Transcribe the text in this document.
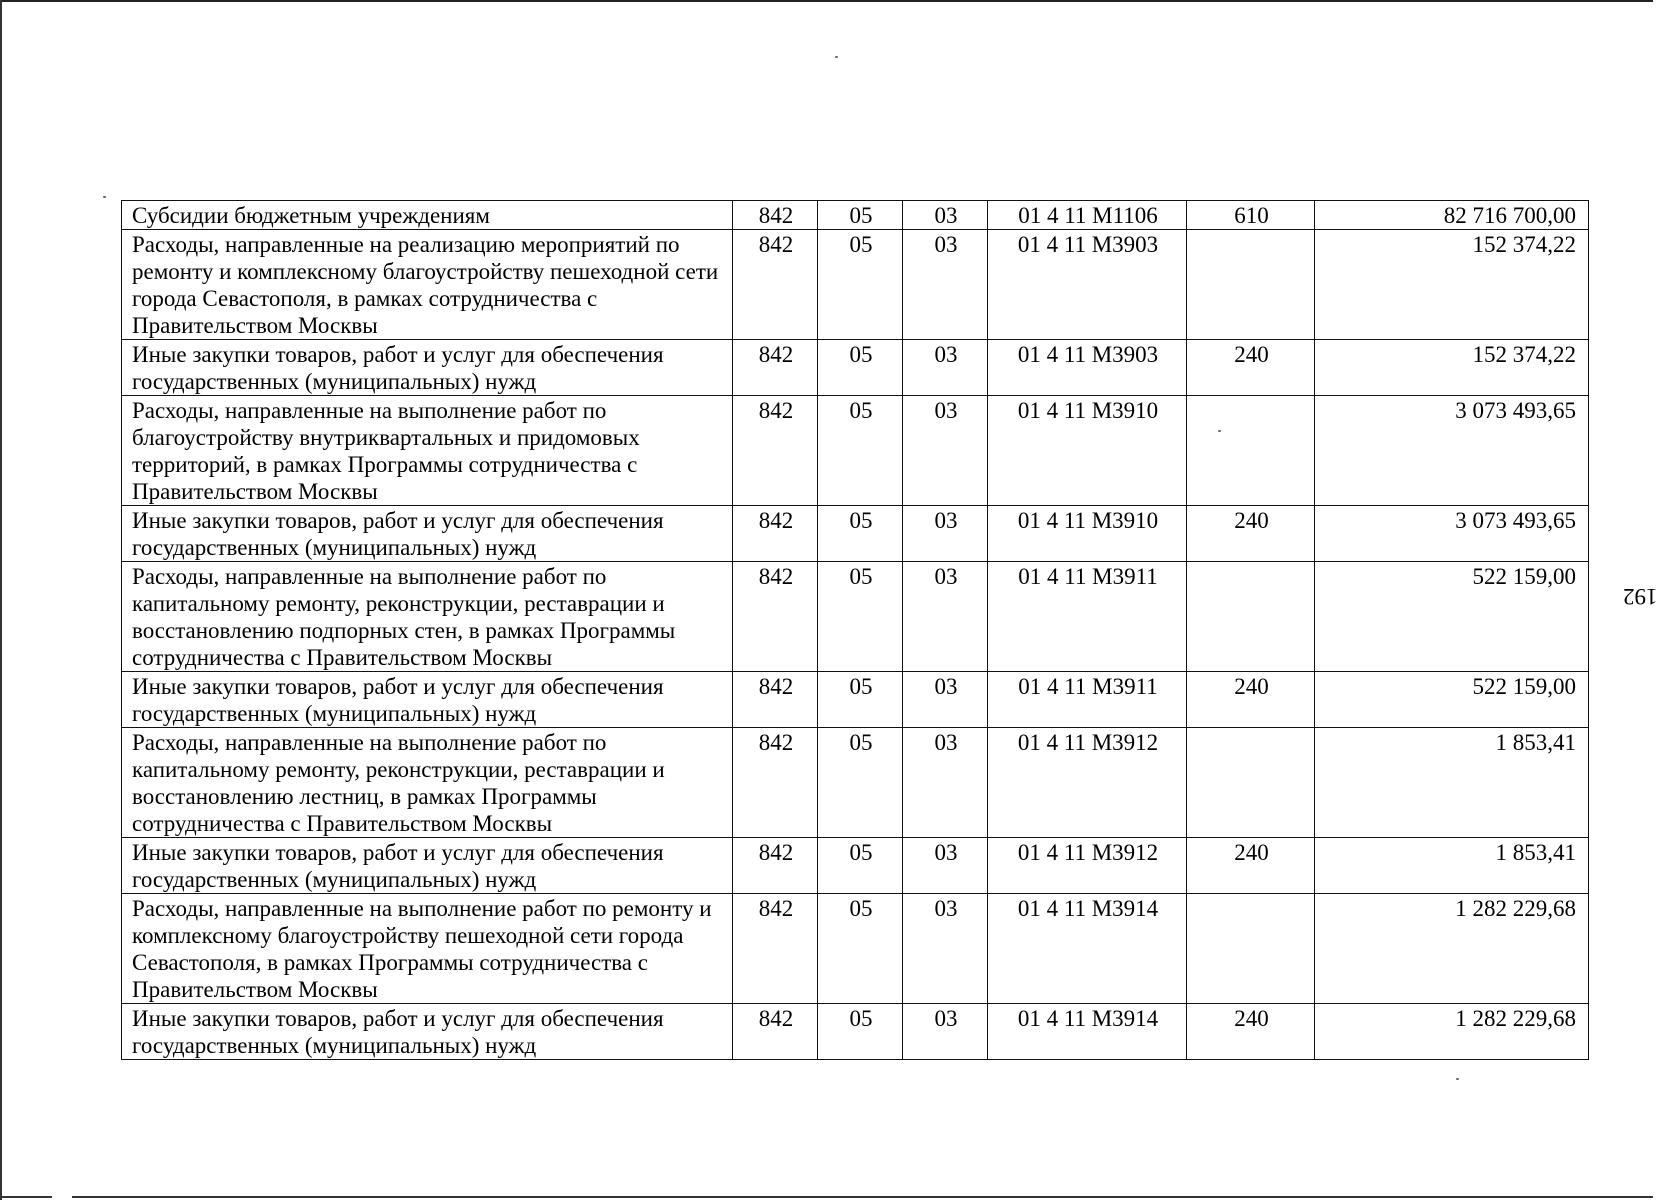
Субсидии бюджетным учреждениям	842	05	03	01 4 11 М1106	610	82 716 700,00
Расходы, направленные на реализацию мероприятий по ремонту и комплексному благоустройству пешеходной сети города Севастополя, в рамках сотрудничества с Правительством Москвы	842	05	03	01 4 11 М3903		152 374,22
Иные закупки товаров, работ и услуг для обеспечения государственных (муниципальных) нужд	842	05	03	01 4 11 М3903	240	152 374,22
Расходы, направленные на выполнение работ по благоустройству внутриквартальных и придомовых территорий, в рамках Программы сотрудничества с Правительством Москвы	842	05	03	01 4 11 М3910		3 073 493,65
Иные закупки товаров, работ и услуг для обеспечения государственных (муниципальных) нужд	842	05	03	01 4 11 М3910	240	3 073 493,65
Расходы, направленные на выполнение работ по капитальному ремонту, реконструкции, реставрации и восстановлению подпорных стен, в рамках Программы сотрудничества с Правительством Москвы	842	05	03	01 4 11 М3911		522 159,00
Иные закупки товаров, работ и услуг для обеспечения государственных (муниципальных) нужд	842	05	03	01 4 11 М3911	240	522 159,00
Расходы, направленные на выполнение работ по капитальному ремонту, реконструкции, реставрации и восстановлению лестниц, в рамках Программы сотрудничества с Правительством Москвы	842	05	03	01 4 11 М3912		1 853,41
Иные закупки товаров, работ и услуг для обеспечения государственных (муниципальных) нужд	842	05	03	01 4 11 М3912	240	1 853,41
Расходы, направленные на выполнение работ по ремонту и комплексному благоустройству пешеходной сети города Севастополя, в рамках Программы сотрудничества с Правительством Москвы	842	05	03	01 4 11 М3914		1 282 229,68
Иные закупки товаров, работ и услуг для обеспечения государственных (муниципальных) нужд	842	05	03	01 4 11 М3914	240	1 282 229,68
192
